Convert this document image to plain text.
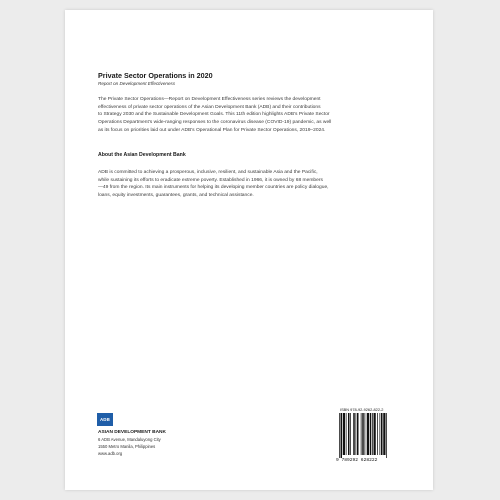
Private Sector Operations in 2020
Report on Development Effectiveness

The Private Sector Operations—Report on Development Effectiveness series reviews the development
effectiveness of private sector operations of the Asian Development Bank (ADB) and their contributions
to Strategy 2030 and the Sustainable Development Goals. This 11th edition highlights ADB's Private Sector
Operations Department's wide-ranging responses to the coronavirus disease (COVID-19) pandemic, as well
as its focus on priorities laid out under ADB's Operational Plan for Private Sector Operations, 2019–2024.

About the Asian Development Bank

ADB is committed to achieving a prosperous, inclusive, resilient, and sustainable Asia and the Pacific,
while sustaining its efforts to eradicate extreme poverty. Established in 1966, it is owned by 68 members
—49 from the region. Its main instruments for helping its developing member countries are policy dialogue,
loans, equity investments, guarantees, grants, and technical assistance.

ADB
ASIAN DEVELOPMENT BANK
6 ADB Avenue, Mandaluyong City
1550 Metro Manila, Philippines
www.adb.org
ISBN 978-92-9262-822-2
9 789292 628222
